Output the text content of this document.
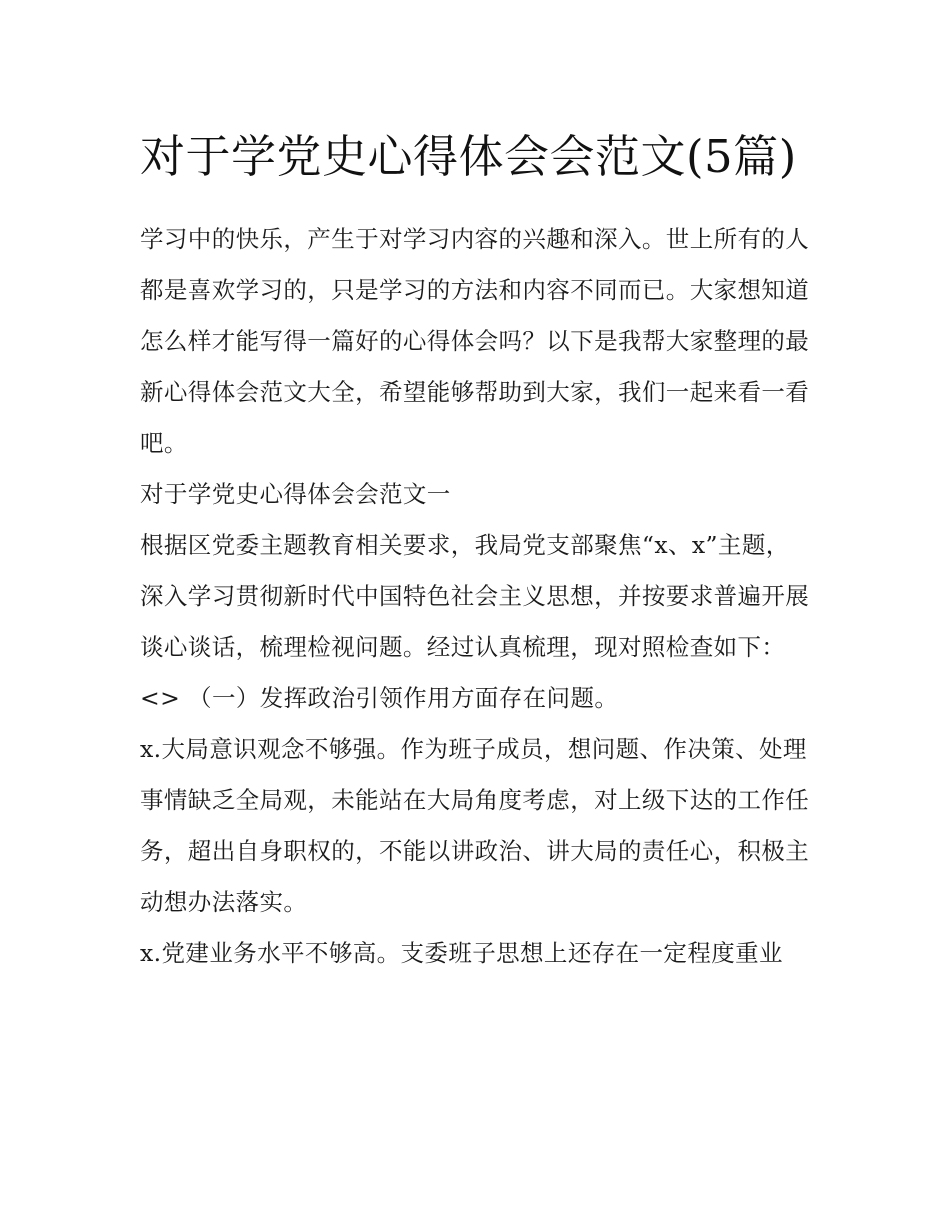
对于学党史心得体会会范文(5篇)

学习中的快乐，产生于对学习内容的兴趣和深入。世上所有的人都是喜欢学习的，只是学习的方法和内容不同而已。大家想知道怎么样才能写得一篇好的心得体会吗？以下是我帮大家整理的最新心得体会范文大全，希望能够帮助到大家，我们一起来看一看吧。

对于学党史心得体会会范文一

根据区党委主题教育相关要求，我局党支部聚焦“x、x”主题，深入学习贯彻新时代中国特色社会主义思想，并按要求普遍开展谈心谈话，梳理检视问题。经过认真梳理，现对照检查如下：

<> （一）发挥政治引领作用方面存在问题。

x.大局意识观念不够强。作为班子成员，想问题、作决策、处理事情缺乏全局观，未能站在大局角度考虑，对上级下达的工作任务，超出自身职权的，不能以讲政治、讲大局的责任心，积极主动想办法落实。

x.党建业务水平不够高。支委班子思想上还存在一定程度重业
